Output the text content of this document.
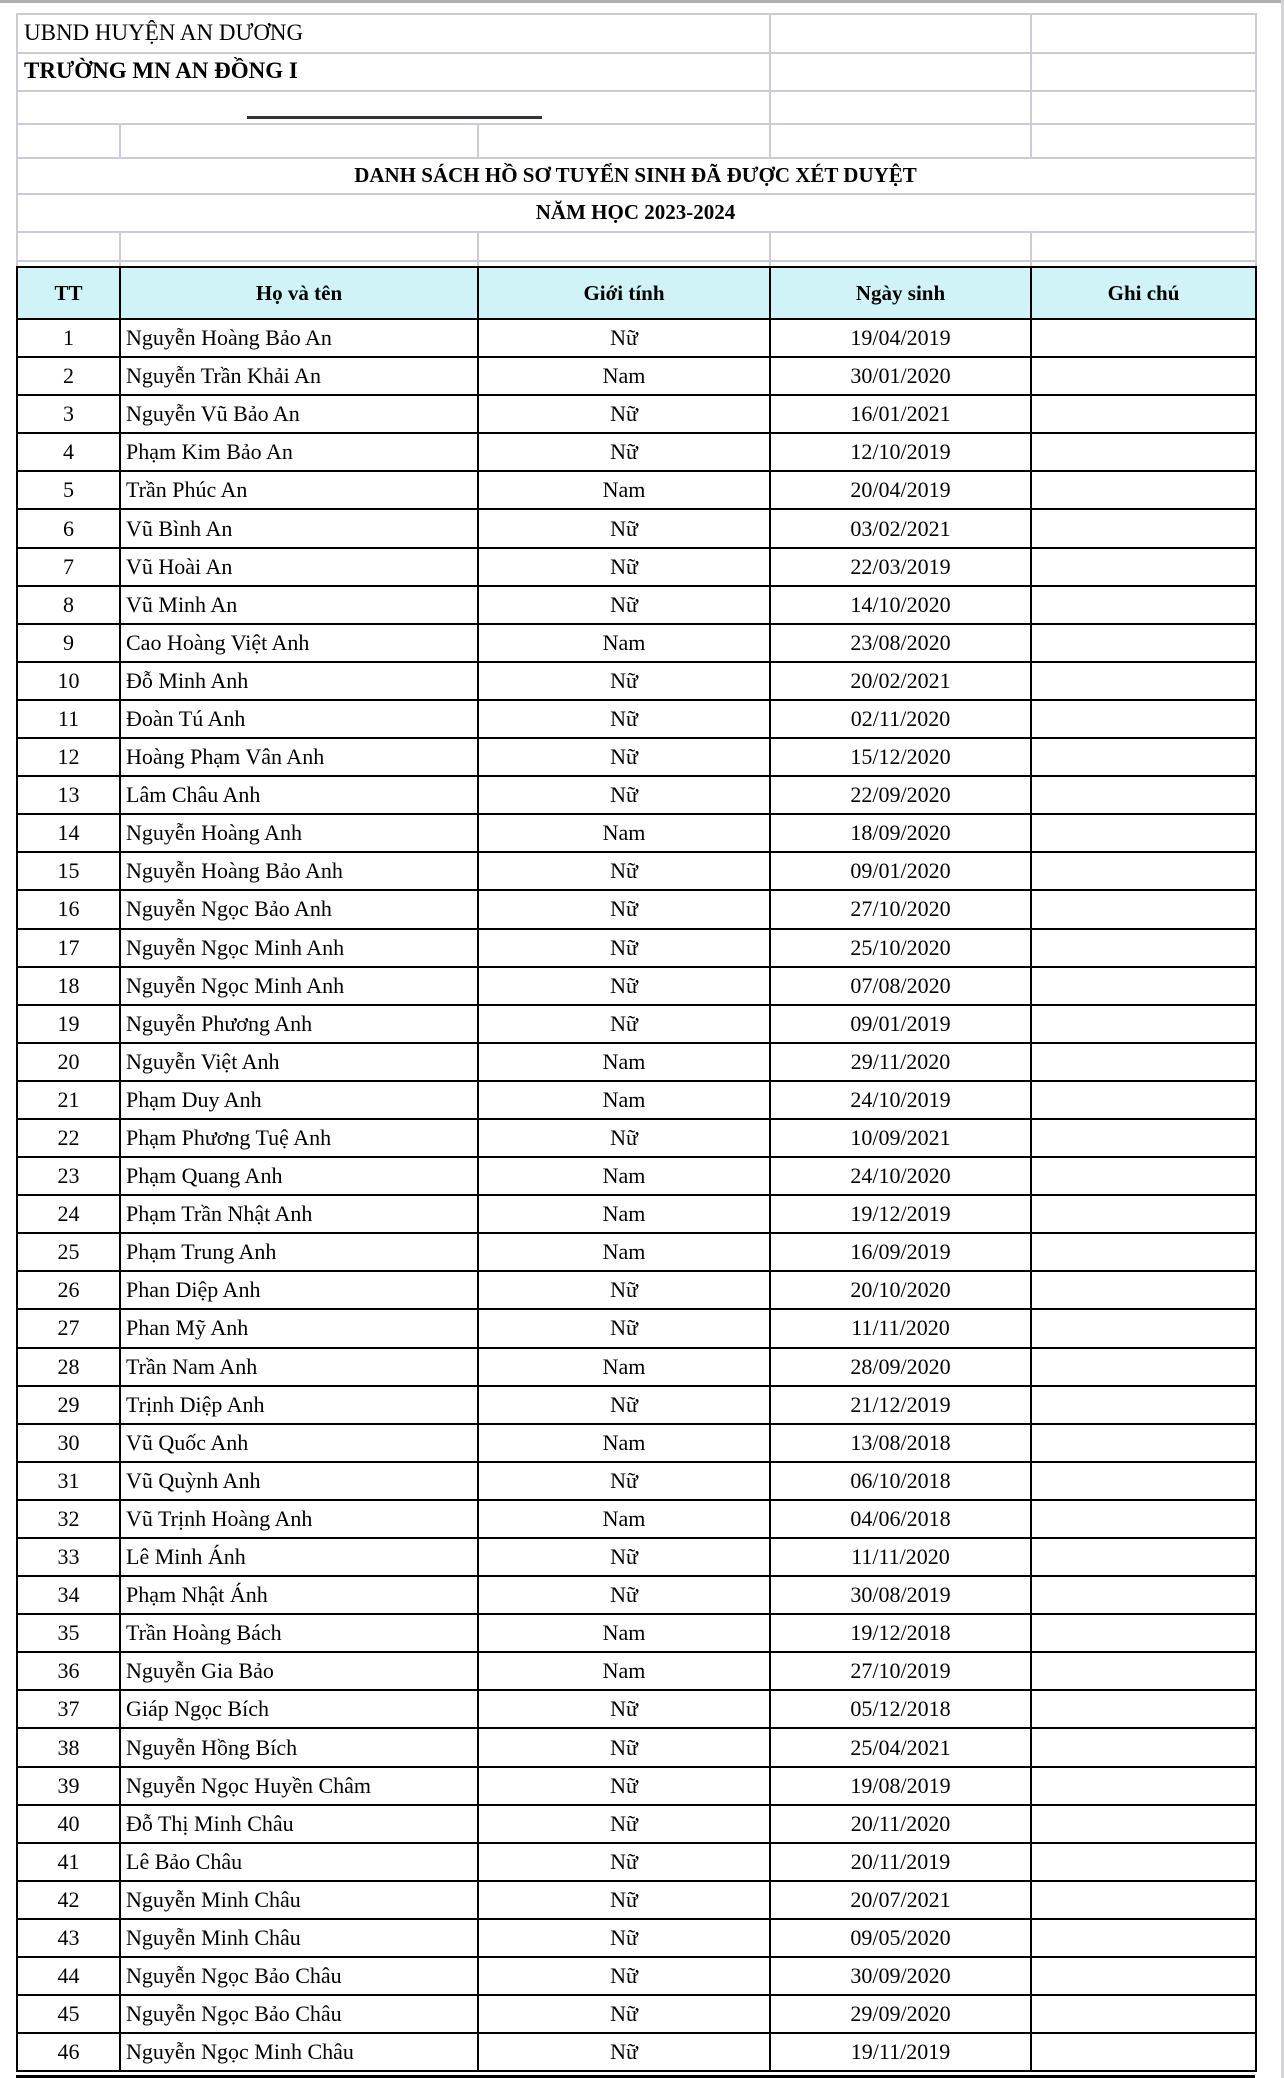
UBND HUYỆN AN DƯƠNG
TRƯỜNG MN AN ĐỒNG I
DANH SÁCH HỒ SƠ TUYỂN SINH ĐÃ ĐƯỢC XÉT DUYỆT
NĂM HỌC 2023-2024
TT	Họ và tên	Giới tính	Ngày sinh	Ghi chú
1	Nguyễn Hoàng Bảo An	Nữ	19/04/2019	
2	Nguyễn Trần Khải An	Nam	30/01/2020	
3	Nguyễn Vũ Bảo An	Nữ	16/01/2021	
4	Phạm Kim Bảo An	Nữ	12/10/2019	
5	Trần Phúc An	Nam	20/04/2019	
6	Vũ Bình An	Nữ	03/02/2021	
7	Vũ Hoài An	Nữ	22/03/2019	
8	Vũ Minh An	Nữ	14/10/2020	
9	Cao Hoàng Việt Anh	Nam	23/08/2020	
10	Đỗ Minh Anh	Nữ	20/02/2021	
11	Đoàn Tú Anh	Nữ	02/11/2020	
12	Hoàng Phạm Vân Anh	Nữ	15/12/2020	
13	Lâm Châu Anh	Nữ	22/09/2020	
14	Nguyễn Hoàng Anh	Nam	18/09/2020	
15	Nguyễn Hoàng Bảo Anh	Nữ	09/01/2020	
16	Nguyễn Ngọc Bảo Anh	Nữ	27/10/2020	
17	Nguyễn Ngọc Minh Anh	Nữ	25/10/2020	
18	Nguyễn Ngọc Minh Anh	Nữ	07/08/2020	
19	Nguyễn Phương Anh	Nữ	09/01/2019	
20	Nguyễn Việt Anh	Nam	29/11/2020	
21	Phạm Duy Anh	Nam	24/10/2019	
22	Phạm Phương Tuệ Anh	Nữ	10/09/2021	
23	Phạm Quang Anh	Nam	24/10/2020	
24	Phạm Trần Nhật Anh	Nam	19/12/2019	
25	Phạm Trung Anh	Nam	16/09/2019	
26	Phan Diệp Anh	Nữ	20/10/2020	
27	Phan Mỹ Anh	Nữ	11/11/2020	
28	Trần Nam Anh	Nam	28/09/2020	
29	Trịnh Diệp Anh	Nữ	21/12/2019	
30	Vũ Quốc Anh	Nam	13/08/2018	
31	Vũ Quỳnh Anh	Nữ	06/10/2018	
32	Vũ Trịnh Hoàng Anh	Nam	04/06/2018	
33	Lê Minh Ánh	Nữ	11/11/2020	
34	Phạm Nhật Ánh	Nữ	30/08/2019	
35	Trần Hoàng Bách	Nam	19/12/2018	
36	Nguyễn Gia Bảo	Nam	27/10/2019	
37	Giáp Ngọc Bích	Nữ	05/12/2018	
38	Nguyễn Hồng Bích	Nữ	25/04/2021	
39	Nguyễn Ngọc Huyền Châm	Nữ	19/08/2019	
40	Đỗ Thị Minh Châu	Nữ	20/11/2020	
41	Lê Bảo Châu	Nữ	20/11/2019	
42	Nguyễn Minh Châu	Nữ	20/07/2021	
43	Nguyễn Minh Châu	Nữ	09/05/2020	
44	Nguyễn Ngọc Bảo Châu	Nữ	30/09/2020	
45	Nguyễn Ngọc Bảo Châu	Nữ	29/09/2020	
46	Nguyễn Ngọc Minh Châu	Nữ	19/11/2019	
